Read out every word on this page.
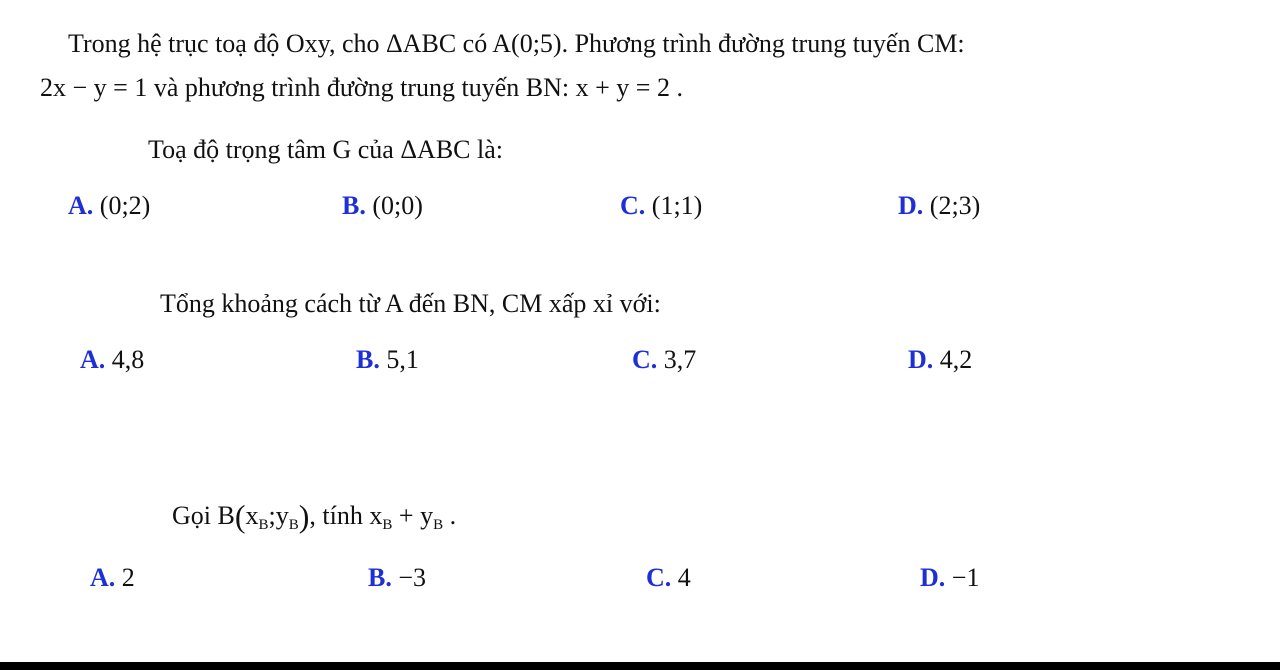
Trong hệ trục toạ độ Oxy, cho ΔABC có A(0;5). Phương trình đường trung tuyến CM:
2x − y = 1 và phương trình đường trung tuyến BN: x + y = 2 .
Toạ độ trọng tâm G của ΔABC là:
A. (0;2)	B. (0;0)	C. (1;1)	D. (2;3)
Tổng khoảng cách từ A đến BN, CM xấp xỉ với:
A. 4,8	B. 5,1	C. 3,7	D. 4,2
Gọi $B(x_B;y_B)$, tính $x_B + y_B$ .
A. 2	B. −3	C. 4	D. −1
